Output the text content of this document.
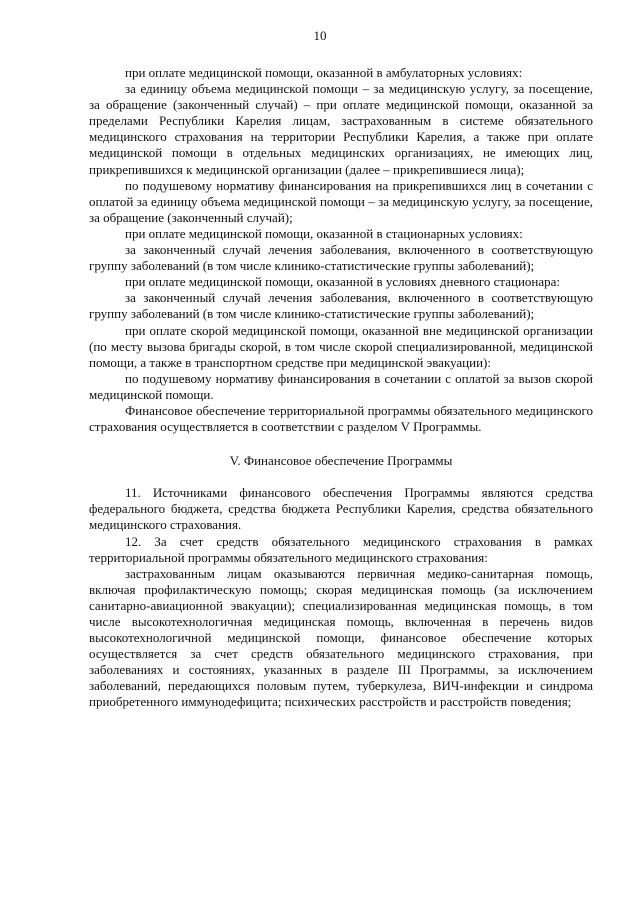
10

при оплате медицинской помощи, оказанной в амбулаторных условиях:

за единицу объема медицинской помощи – за медицинскую услугу, за посещение, за обращение (законченный случай) – при оплате медицинской помощи, оказанной за пределами Республики Карелия лицам, застрахованным в системе обязательного медицинского страхования на территории Республики Карелия, а также при оплате медицинской помощи в отдельных медицинских организациях, не имеющих лиц, прикрепившихся к медицинской организации (далее – прикрепившиеся лица);

по подушевому нормативу финансирования на прикрепившихся лиц в сочетании с оплатой за единицу объема медицинской помощи – за медицинскую услугу, за посещение, за обращение (законченный случай);

при оплате медицинской помощи, оказанной в стационарных условиях:

за законченный случай лечения заболевания, включенного в соответствующую группу заболеваний (в том числе клинико-статистические группы заболеваний);

при оплате медицинской помощи, оказанной в условиях дневного стационара:

за законченный случай лечения заболевания, включенного в соответствующую группу заболеваний (в том числе клинико-статистические группы заболеваний);

при оплате скорой медицинской помощи, оказанной вне медицинской организации (по месту вызова бригады скорой, в том числе скорой специализированной, медицинской помощи, а также в транспортном средстве при медицинской эвакуации):

по подушевому нормативу финансирования в сочетании с оплатой за вызов скорой медицинской помощи.

Финансовое обеспечение территориальной программы обязательного медицинского страхования осуществляется в соответствии с разделом V Программы.

V. Финансовое обеспечение Программы

11. Источниками финансового обеспечения Программы являются средства федерального бюджета, средства бюджета Республики Карелия, средства обязательного медицинского страхования.

12. За счет средств обязательного медицинского страхования в рамках территориальной программы обязательного медицинского страхования:

застрахованным лицам оказываются первичная медико-санитарная помощь, включая профилактическую помощь; скорая медицинская помощь (за исключением санитарно-авиационной эвакуации); специализированная медицинская помощь, в том числе высокотехнологичная медицинская помощь, включенная в перечень видов высокотехнологичной медицинской помощи, финансовое обеспечение которых осуществляется за счет средств обязательного медицинского страхования, при заболеваниях и состояниях, указанных в разделе III Программы, за исключением заболеваний, передающихся половым путем, туберкулеза, ВИЧ-инфекции и синдрома приобретенного иммунодефицита; психических расстройств и расстройств поведения;
